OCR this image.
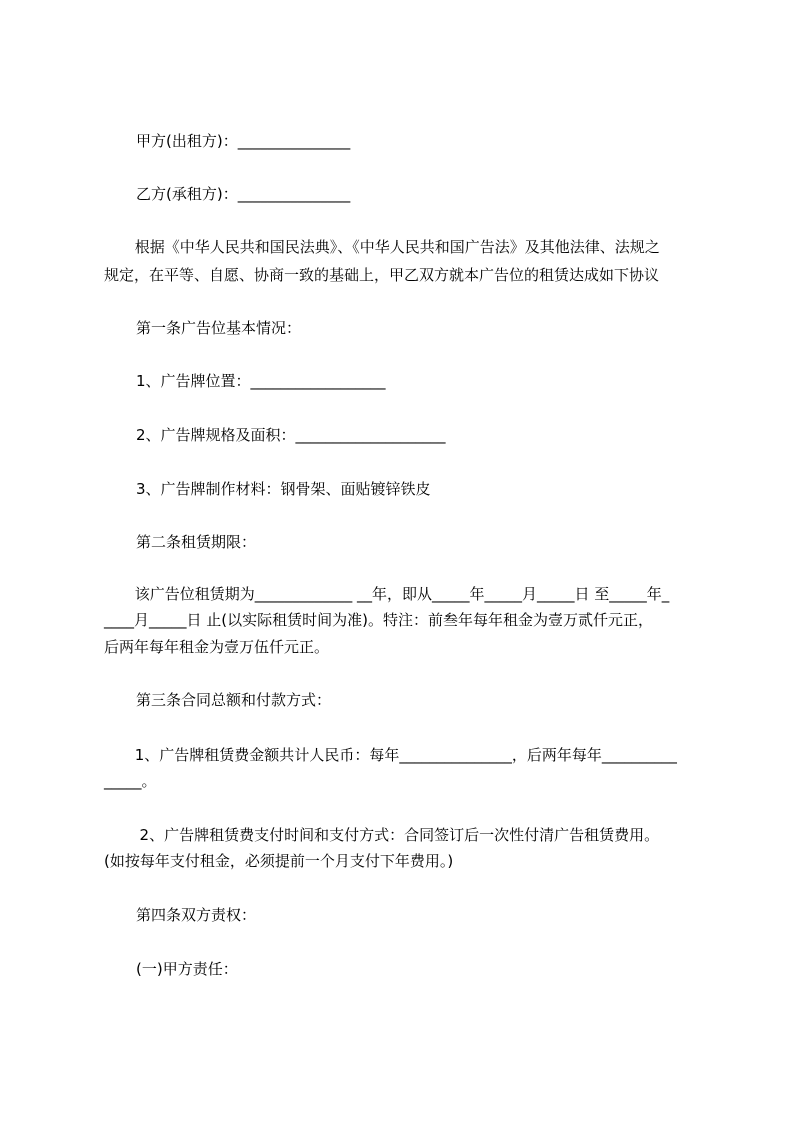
甲方(出租方)：_______________
乙方(承租方)：_______________
根据《中华人民共和国民法典》、《中华人民共和国广告法》及其他法律、法规之
规定，在平等、自愿、协商一致的基础上，甲乙双方就本广告位的租赁达成如下协议
第一条广告位基本情况：
1、广告牌位置：__________________
2、广告牌规格及面积：____________________
3、广告牌制作材料：钢骨架、面贴镀锌铁皮
第二条租赁期限：
该广告位租赁期为_____________ __年，即从_____年_____月_____日 至_____年_
____月_____日 止(以实际租赁时间为准)。特注：前叁年每年租金为壹万贰仟元正，
后两年每年租金为壹万伍仟元正。
第三条合同总额和付款方式：
1、广告牌租赁费金额共计人民币：每年_______________，后两年每年__________
_____。
2、广告牌租赁费支付时间和支付方式：合同签订后一次性付清广告租赁费用。
(如按每年支付租金，必须提前一个月支付下年费用。)
第四条双方责权：
(一)甲方责任：
